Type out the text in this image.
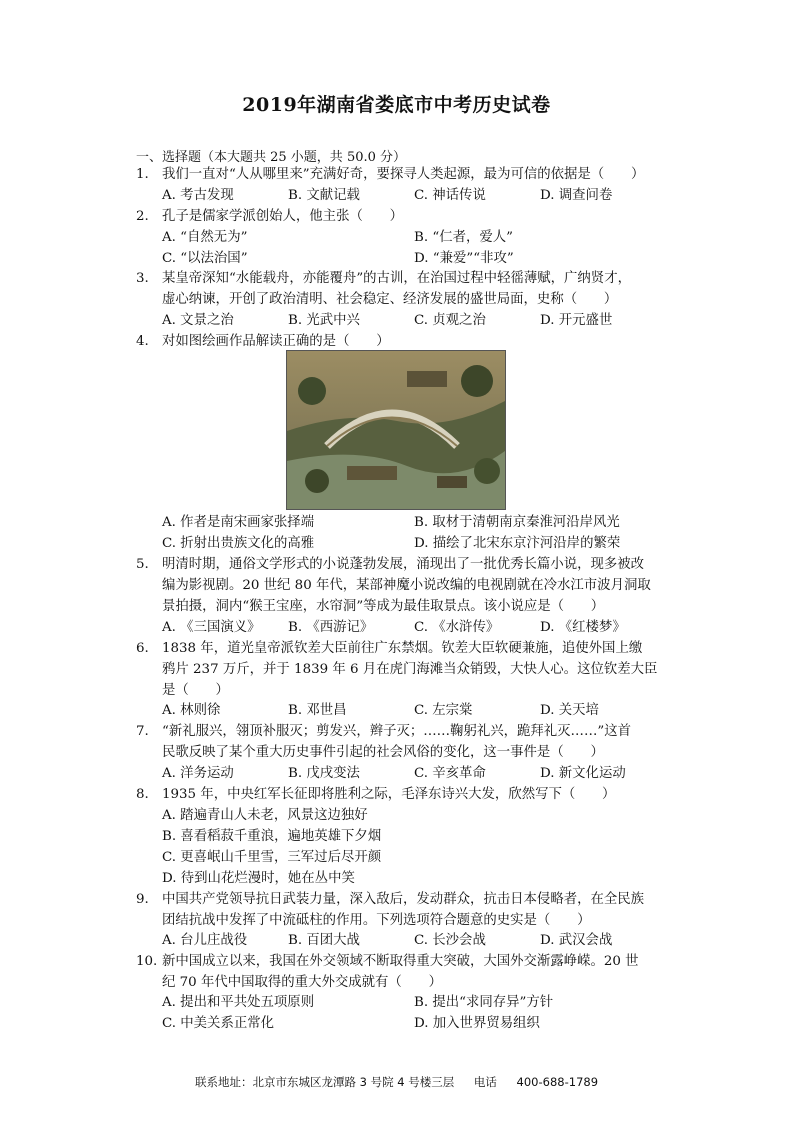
2019年湖南省娄底市中考历史试卷
一、选择题（本大题共 25 小题，共 50.0 分）
1. 我们一直对“人从哪里来”充满好奇，要探寻人类起源，最为可信的依据是（　　）
A. 考古发现	B. 文献记载	C. 神话传说	D. 调查问卷
2. 孔子是儒家学派创始人，他主张（　　）
A. “自然无为”	B. “仁者，爱人”
C. “以法治国”	D. “兼爱”“非攻”
3. 某皇帝深知“水能载舟，亦能覆舟”的古训，在治国过程中轻徭薄赋，广纳贤才，
虚心纳谏，开创了政治清明、社会稳定、经济发展的盛世局面，史称（　　）
A. 文景之治	B. 光武中兴	C. 贞观之治	D. 开元盛世
4. 对如图绘画作品解读正确的是（　　）
A. 作者是南宋画家张择端	B. 取材于清朝南京秦淮河沿岸风光
C. 折射出贵族文化的高雅	D. 描绘了北宋东京汴河沿岸的繁荣
5. 明清时期，通俗文学形式的小说蓬勃发展，涌现出了一批优秀长篇小说，现多被改
编为影视剧。20 世纪 80 年代，某部神魔小说改编的电视剧就在冷水江市波月洞取
景拍摄，洞内“猴王宝座，水帘洞”等成为最佳取景点。该小说应是（　　）
A. 《三国演义》 B. 《西游记》	C. 《水浒传》	D. 《红楼梦》
6. 1838 年，道光皇帝派钦差大臣前往广东禁烟。钦差大臣软硬兼施，追使外国上缴
鸦片 237 万斤，并于 1839 年 6 月在虎门海滩当众销毁，大快人心。这位钦差大臣
是（　　）
A. 林则徐	B. 邓世昌	C. 左宗棠	D. 关天培
7. “新礼服兴，翎顶补服灭；剪发兴，辫子灭；……鞠躬礼兴，跪拜礼灭……”这首
民歌反映了某个重大历史事件引起的社会风俗的变化，这一事件是（　　）
A. 洋务运动	B. 戊戌变法	C. 辛亥革命	D. 新文化运动
8. 1935 年，中央红军长征即将胜利之际，毛泽东诗兴大发，欣然写下（　　）
A. 踏遍青山人未老，风景这边独好
B. 喜看稻菽千重浪，遍地英雄下夕烟
C. 更喜岷山千里雪，三军过后尽开颜
D. 待到山花烂漫时，她在丛中笑
9. 中国共产党领导抗日武装力量，深入敌后，发动群众，抗击日本侵略者，在全民族
团结抗战中发挥了中流砥柱的作用。下列选项符合题意的史实是（　　）
A. 台儿庄战役	B. 百团大战	C. 长沙会战	D. 武汉会战
10. 新中国成立以来，我国在外交领域不断取得重大突破，大国外交渐露峥嵘。20 世
纪 70 年代中国取得的重大外交成就有（　　）
A. 提出和平共处五项原则	B. 提出“求同存异”方针
C. 中美关系正常化	D. 加入世界贸易组织
联系地址：北京市东城区龙潭路 3 号院 4 号楼三层 电话 400-688-1789
